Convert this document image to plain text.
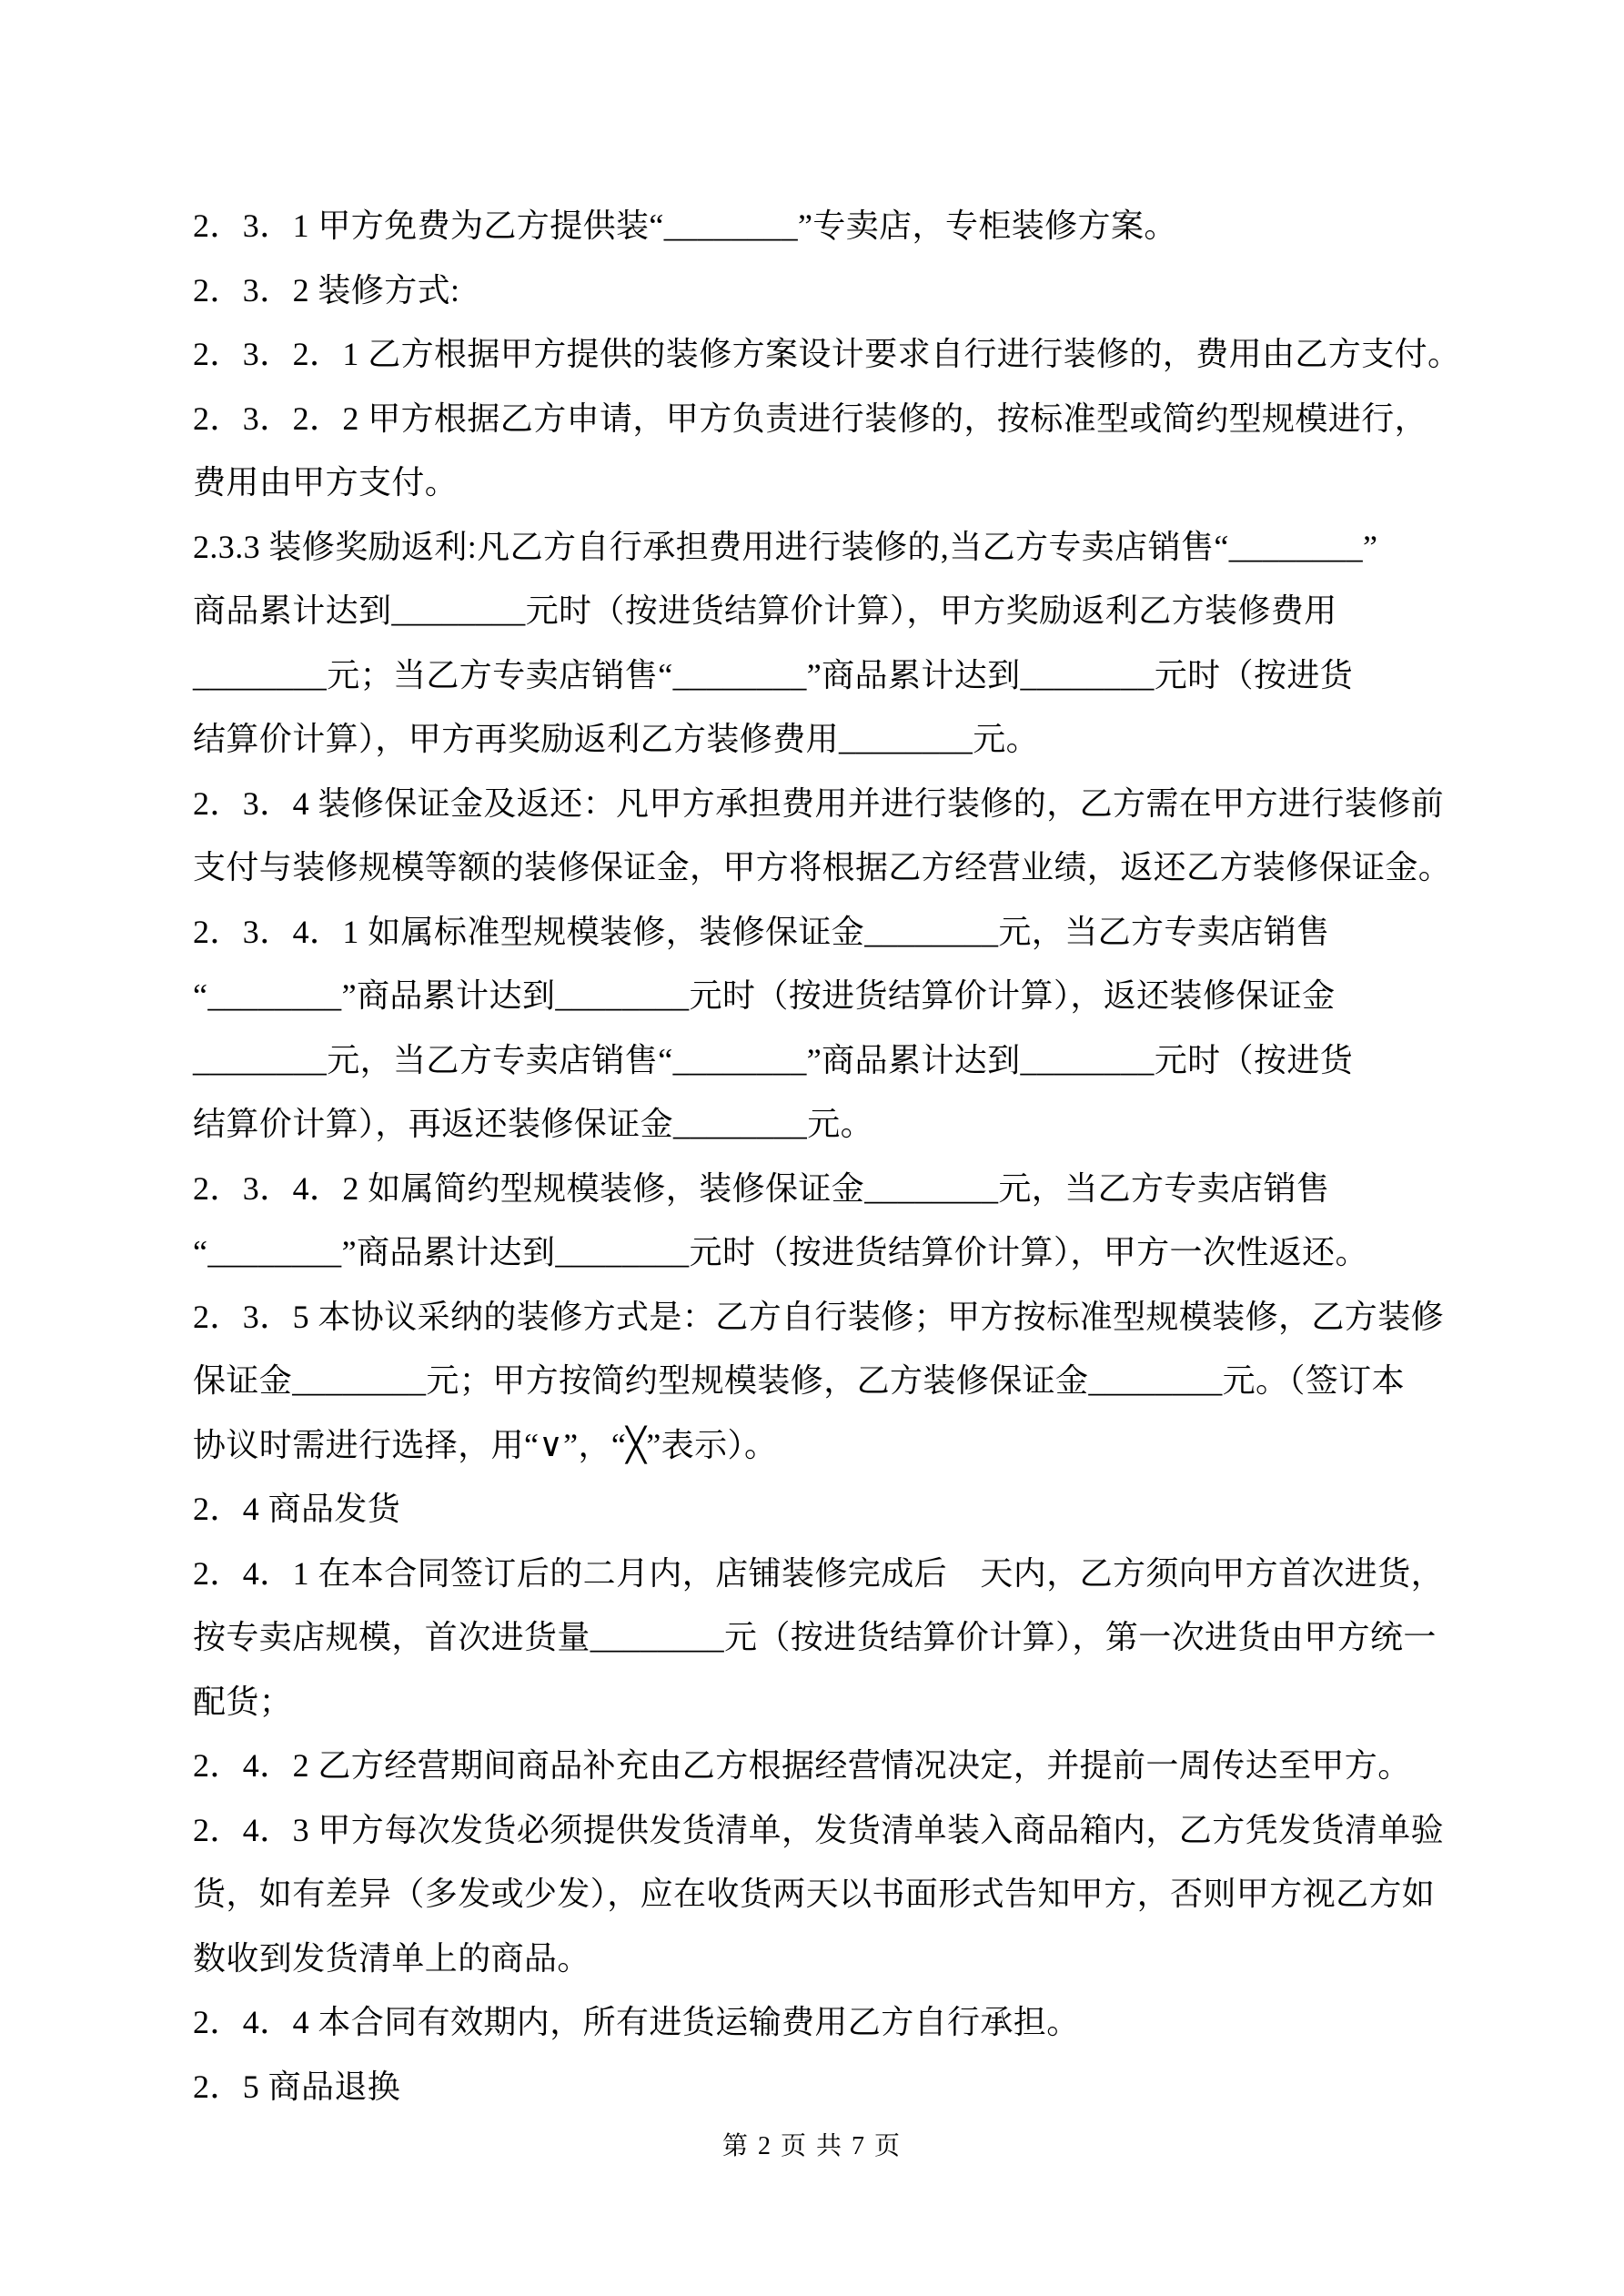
2．3．1 甲方免费为乙方提供装“________”专卖店，专柜装修方案。
2．3．2 装修方式:
2．3．2．1 乙方根据甲方提供的装修方案设计要求自行进行装修的，费用由乙方支付。
2．3．2．2 甲方根据乙方申请，甲方负责进行装修的，按标准型或简约型规模进行，
费用由甲方支付。
2.3.3 装修奖励返利:凡乙方自行承担费用进行装修的,当乙方专卖店销售“________”
商品累计达到________元时（按进货结算价计算），甲方奖励返利乙方装修费用
________元；当乙方专卖店销售“________”商品累计达到________元时（按进货
结算价计算），甲方再奖励返利乙方装修费用________元。
2．3．4 装修保证金及返还：凡甲方承担费用并进行装修的，乙方需在甲方进行装修前
支付与装修规模等额的装修保证金，甲方将根据乙方经营业绩，返还乙方装修保证金。
2．3．4．1 如属标准型规模装修，装修保证金________元，当乙方专卖店销售
“________”商品累计达到________元时（按进货结算价计算），返还装修保证金
________元，当乙方专卖店销售“________”商品累计达到________元时（按进货
结算价计算），再返还装修保证金________元。
2．3．4．2 如属简约型规模装修，装修保证金________元，当乙方专卖店销售
“________”商品累计达到________元时（按进货结算价计算），甲方一次性返还。
2．3．5 本协议采纳的装修方式是：乙方自行装修；甲方按标准型规模装修，乙方装修
保证金________元；甲方按简约型规模装修，乙方装修保证金________元。（签订本
协议时需进行选择，用“∨”，“╳”表示）。
2．4 商品发货
2．4．1 在本合同签订后的二月内，店铺装修完成后　天内，乙方须向甲方首次进货，
按专卖店规模，首次进货量________元（按进货结算价计算），第一次进货由甲方统一
配货；
2．4．2 乙方经营期间商品补充由乙方根据经营情况决定，并提前一周传达至甲方。
2．4．3 甲方每次发货必须提供发货清单，发货清单装入商品箱内，乙方凭发货清单验
货，如有差异（多发或少发），应在收货两天以书面形式告知甲方，否则甲方视乙方如
数收到发货清单上的商品。
2．4．4 本合同有效期内，所有进货运输费用乙方自行承担。
2．5 商品退换
第 2 页 共 7 页
